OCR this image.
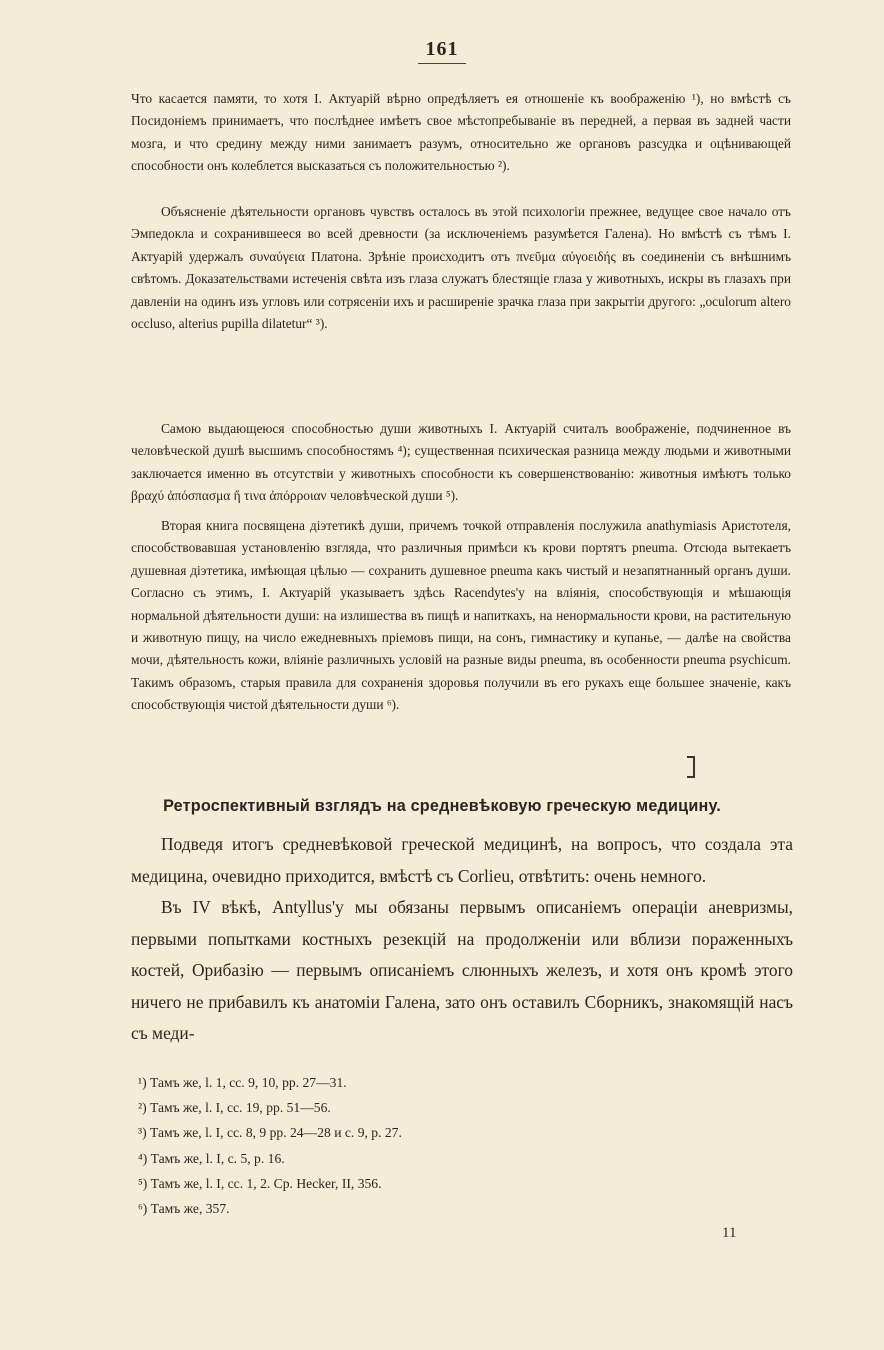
161

Что касается памяти, то хотя І. Актуарій вѣрно опредѣляетъ ея отношеніе къ воображенію ¹), но вмѣстѣ съ Посидоніемъ принимаетъ, что послѣднее имѣетъ свое мѣстопребываніе въ передней, а первая въ задней части мозга, и что средину между ними занимаетъ разумъ, относительно же органовъ разсудка и оцѣнивающей способности онъ колеблется высказаться съ положительностью ²).

Объясненіе дѣятельности органовъ чувствъ осталось въ этой психологіи прежнее, ведущее свое начало отъ Эмпедокла и сохранившееся во всей древности (за исключеніемъ разумѣется Галена). Но вмѣстѣ съ тѣмъ І. Актуарій удержалъ συναύγεια Платона. Зрѣніе происходитъ отъ πνεῦμα αὐγοειδής въ соединеніи съ внѣшнимъ свѣтомъ. Доказательствами истеченія свѣта изъ глаза служатъ блестящіе глаза у животныхъ, искры въ глазахъ при давленіи на одинъ изъ угловъ или сотрясеніи ихъ и расширеніе зрачка глаза при закрытіи другого: „oculorum altero occluso, alterius pupilla dilatetur“ ³).

Самою выдающеюся способностью души животныхъ І. Актуарій считалъ воображеніе, подчиненное въ человѣческой душѣ высшимъ способностямъ ⁴); существенная психическая разница между людьми и животными заключается именно въ отсутствіи у животныхъ способности къ совершенствованію: животныя имѣютъ только βραχύ ἀπόσπασμα ἤ τινα ἀπόρροιαν человѣческой души ⁵).

Вторая книга посвящена діэтетикѣ души, причемъ точкой отправленія послужила anathymiasis Аристотеля, способствовавшая установленію взгляда, что различныя примѣси къ крови портятъ pneuma. Отсюда вытекаетъ душевная діэтетика, имѣющая цѣлью — сохранить душевное pneuma какъ чистый и незапятнанный органъ души. Согласно съ этимъ, І. Актуарій указываетъ здѣсь Racendytes'у на вліянія, способствующія и мѣшающія нормальной дѣятельности души: на излишества въ пищѣ и напиткахъ, на ненормальности крови, на растительную и животную пищу, на число ежедневныхъ пріемовъ пищи, на сонъ, гимнастику и купанье, — далѣе на свойства мочи, дѣятельность кожи, вліяніе различныхъ условій на разные виды pneuma, въ особенности pneuma psychicum. Такимъ образомъ, старыя правила для сохраненія здоровья получили въ его рукахъ еще большее значеніе, какъ способствующія чистой дѣятельности души ⁶).

Ретроспективный взглядъ на средневѣковую греческую медицину.

Подведя итогъ средневѣковой греческой медицинѣ, на вопросъ, что создала эта медицина, очевидно приходится, вмѣстѣ съ Corlieu, отвѣтить: очень немного.

Въ IV вѣкѣ, Antyllus'у мы обязаны первымъ описаніемъ операціи аневризмы, первыми попытками костныхъ резекцій на продолженіи или вблизи пораженныхъ костей, Орибазію — первымъ описаніемъ слюнныхъ железъ, и хотя онъ кромѣ этого ничего не прибавилъ къ анатоміи Галена, зато онъ оставилъ Сборникъ, знакомящій насъ съ меди-

¹) Тамъ же, l. 1, сс. 9, 10, pp. 27—31.
²) Тамъ же, l. I, сс. 19, pp. 51—56.
³) Тамъ же, l. I, сс. 8, 9 pp. 24—28 и с. 9, p. 27.
⁴) Тамъ же, l. I, с. 5, p. 16.
⁵) Тамъ же, l. I, сс. 1, 2. Ср. Hecker, II, 356.
⁶) Тамъ же, 357.
11
